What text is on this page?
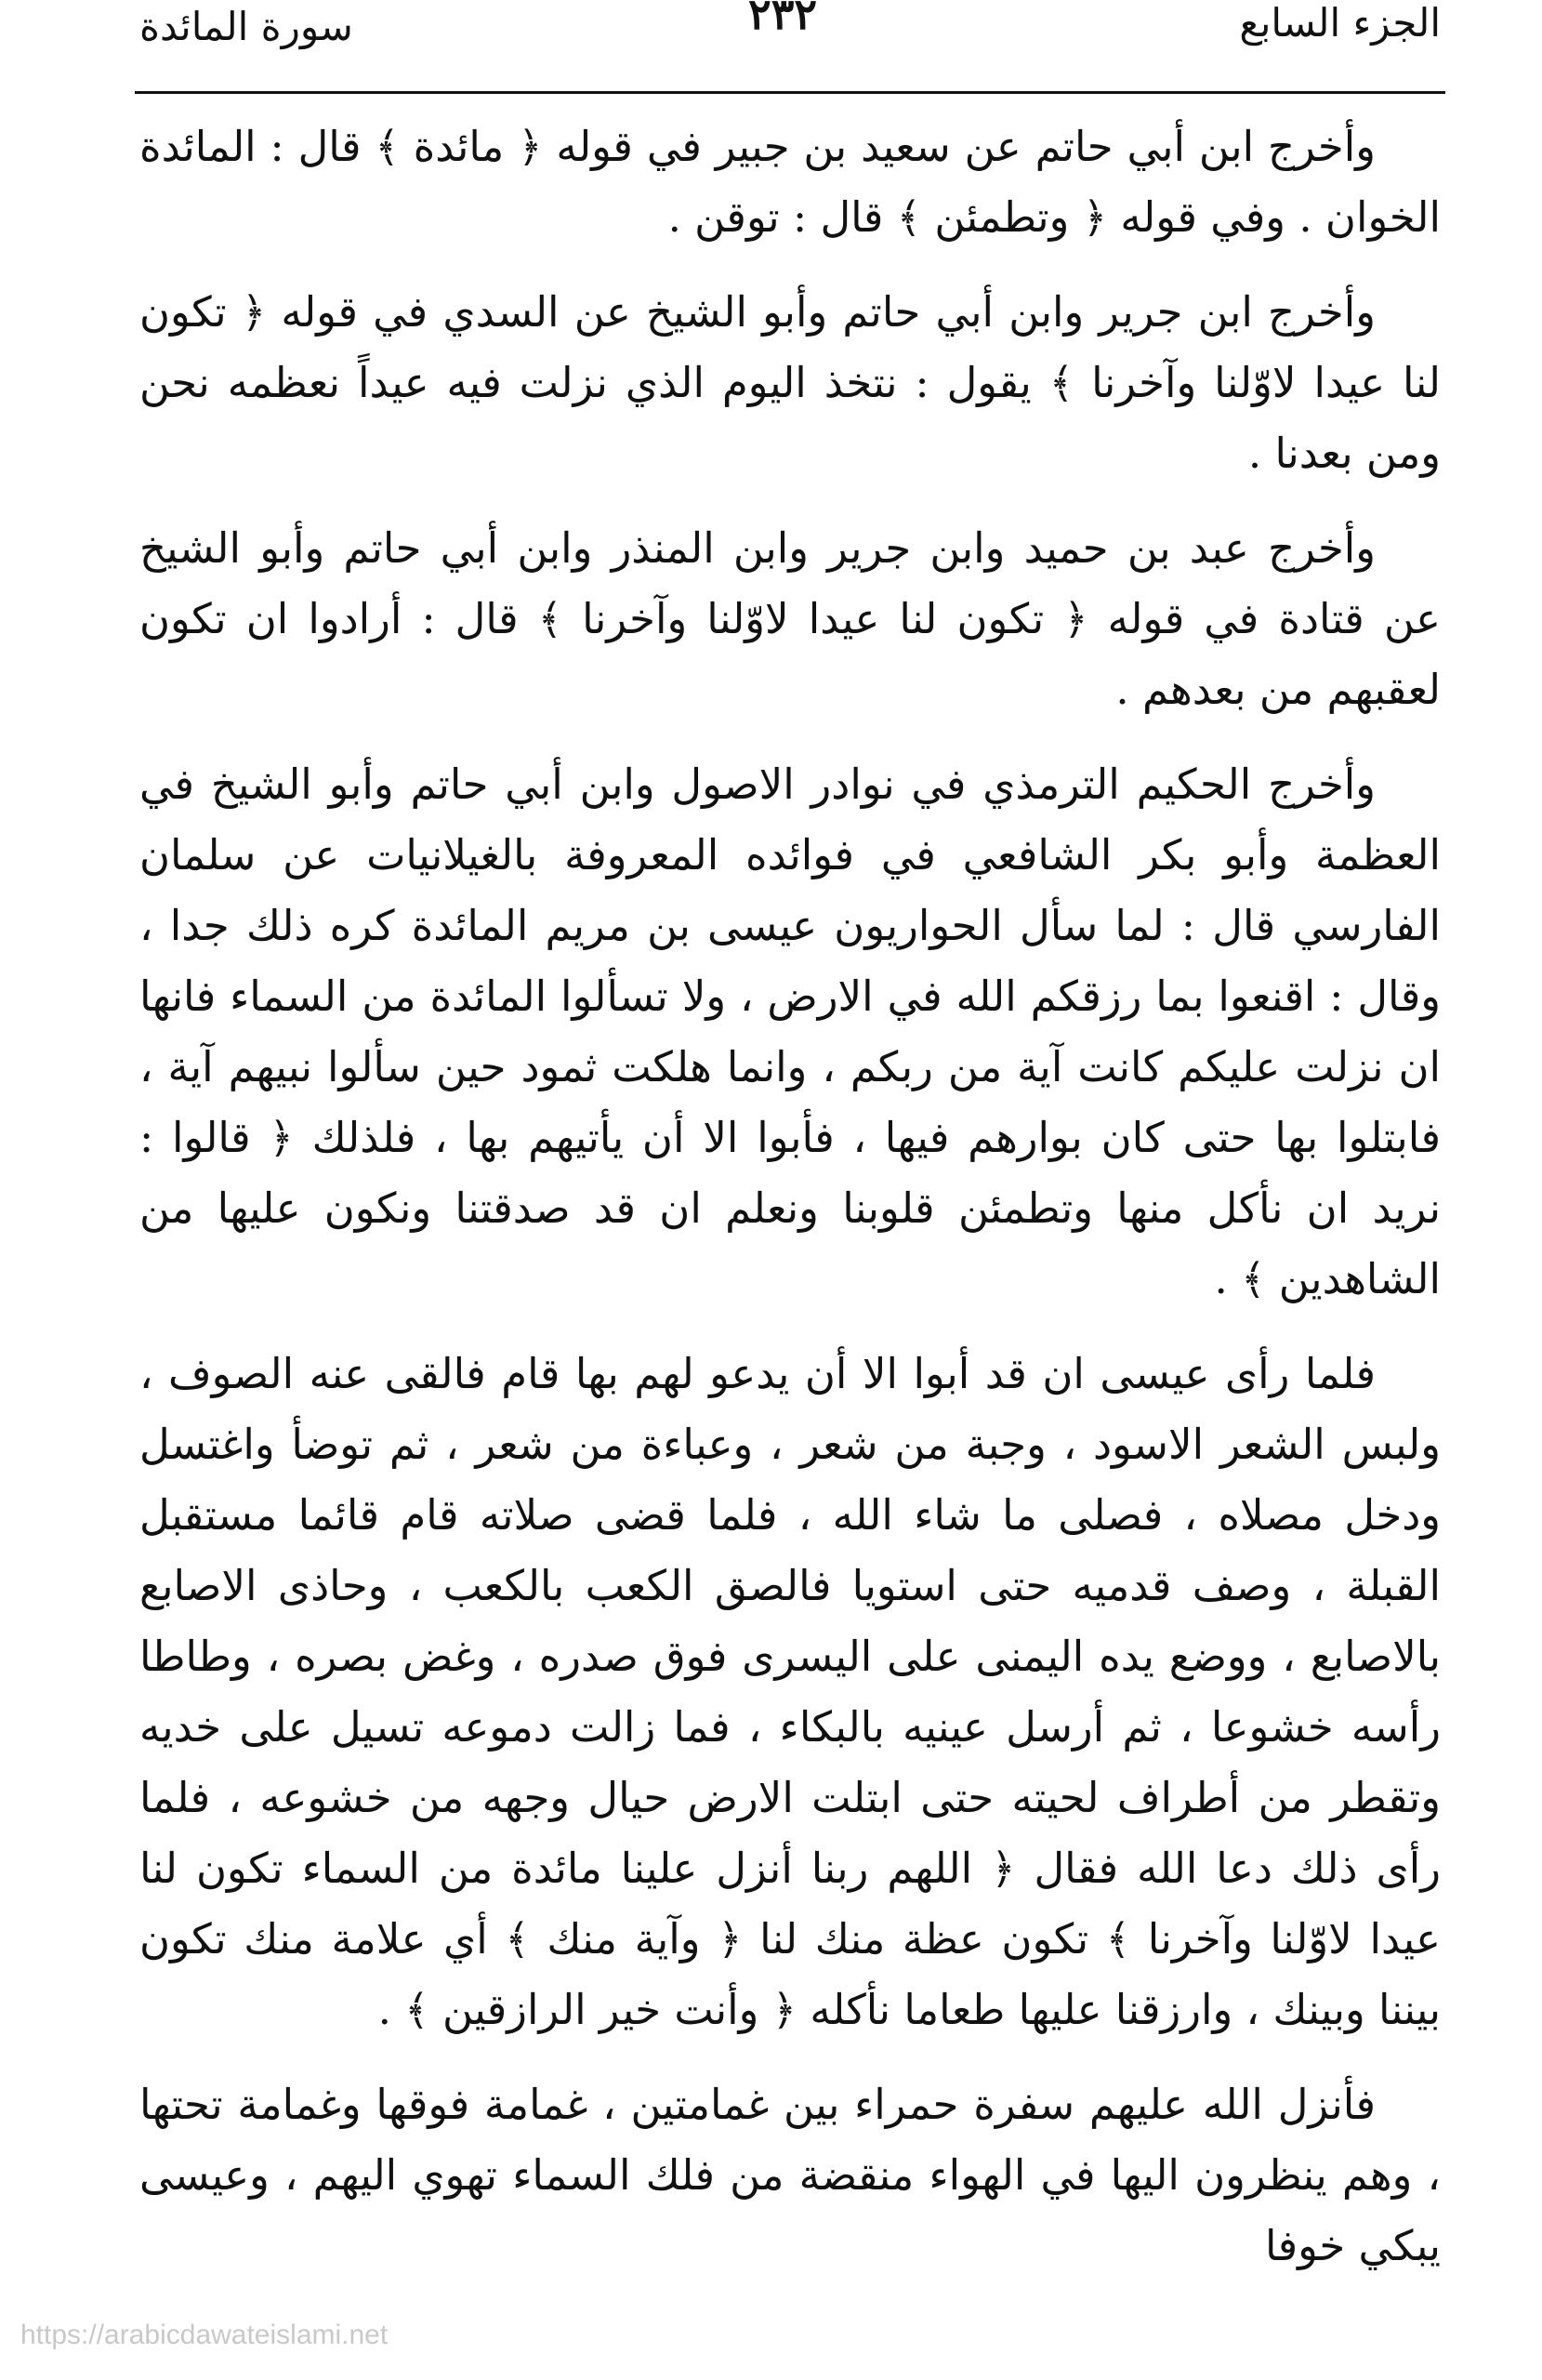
الجزء السابع
٢٣٢
سورة المائدة

وأخرج ابن أبي حاتم عن سعيد بن جبير في قوله ﴿ مائدة ﴾ قال : المائدة الخوان . وفي قوله ﴿ وتطمئن ﴾ قال : توقن .

وأخرج ابن جرير وابن أبي حاتم وأبو الشيخ عن السدي في قوله ﴿ تكون لنا عيدا لاوّلنا وآخرنا ﴾ يقول : نتخذ اليوم الذي نزلت فيه عيداً نعظمه نحن ومن بعدنا .

وأخرج عبد بن حميد وابن جرير وابن المنذر وابن أبي حاتم وأبو الشيخ عن قتادة في قوله ﴿ تكون لنا عيدا لاوّلنا وآخرنا ﴾ قال : أرادوا ان تكون لعقبهم من بعدهم .

وأخرج الحكيم الترمذي في نوادر الاصول وابن أبي حاتم وأبو الشيخ في العظمة وأبو بكر الشافعي في فوائده المعروفة بالغيلانيات عن سلمان الفارسي قال : لما سأل الحواريون عيسى بن مريم المائدة كره ذلك جدا ، وقال : اقنعوا بما رزقكم الله في الارض ، ولا تسألوا المائدة من السماء فانها ان نزلت عليكم كانت آية من ربكم ، وانما هلكت ثمود حين سألوا نبيهم آية ، فابتلوا بها حتى كان بوارهم فيها ، فأبوا الا أن يأتيهم بها ، فلذلك ﴿ قالوا : نريد ان نأكل منها وتطمئن قلوبنا ونعلم ان قد صدقتنا ونكون عليها من الشاهدين ﴾ .

فلما رأى عيسى ان قد أبوا الا أن يدعو لهم بها قام فالقى عنه الصوف ، ولبس الشعر الاسود ، وجبة من شعر ، وعباءة من شعر ، ثم توضأ واغتسل ودخل مصلاه ، فصلى ما شاء الله ، فلما قضى صلاته قام قائما مستقبل القبلة ، وصف قدميه حتى استويا فالصق الكعب بالكعب ، وحاذى الاصابع بالاصابع ، ووضع يده اليمنى على اليسرى فوق صدره ، وغض بصره ، وطاطا رأسه خشوعا ، ثم أرسل عينيه بالبكاء ، فما زالت دموعه تسيل على خديه وتقطر من أطراف لحيته حتى ابتلت الارض حيال وجهه من خشوعه ، فلما رأى ذلك دعا الله فقال ﴿ اللهم ربنا أنزل علينا مائدة من السماء تكون لنا عيدا لاوّلنا وآخرنا ﴾ تكون عظة منك لنا ﴿ وآية منك ﴾ أي علامة منك تكون بيننا وبينك ، وارزقنا عليها طعاما نأكله ﴿ وأنت خير الرازقين ﴾ .

فأنزل الله عليهم سفرة حمراء بين غمامتين ، غمامة فوقها وغمامة تحتها ، وهم ينظرون اليها في الهواء منقضة من فلك السماء تهوي اليهم ، وعيسى يبكي خوفا

https://arabicdawateislami.net
